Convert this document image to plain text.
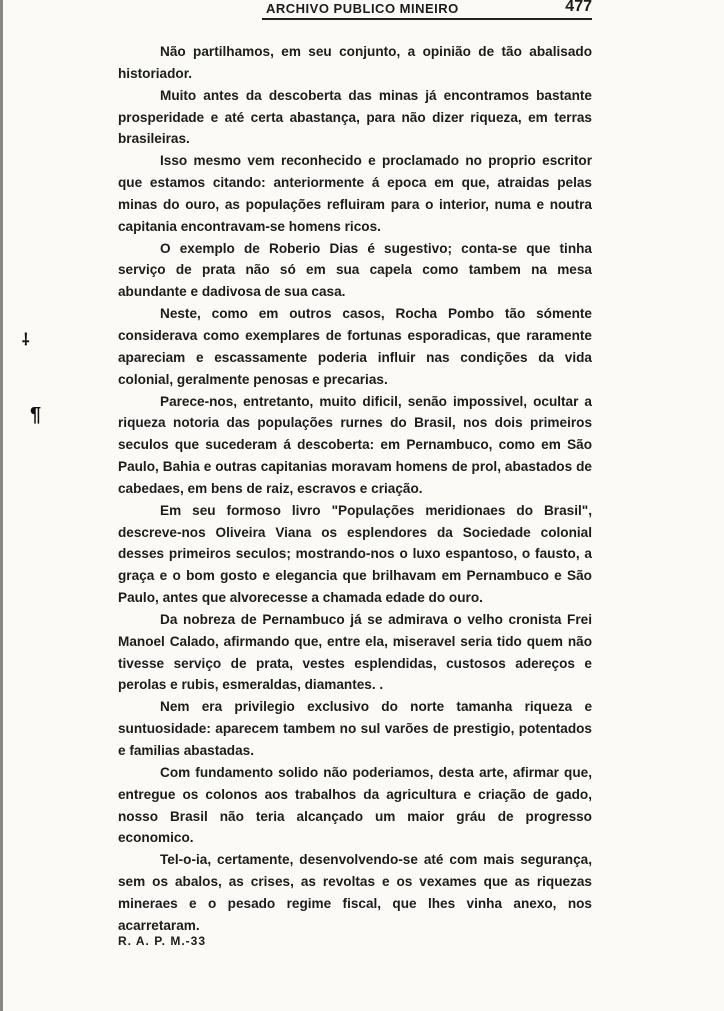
ARCHIVO PUBLICO MINEIRO	477

Não partilhamos, em seu conjunto, a opinião de tão abalisado historiador.

Muito antes da descoberta das minas já encontramos bastante prosperidade e até certa abastança, para não dizer riqueza, em terras brasileiras.

Isso mesmo vem reconhecido e proclamado no proprio escritor que estamos citando: anteriormente á epoca em que, atraidas pelas minas do ouro, as populações refluiram para o interior, numa e noutra capitania encontravam-se homens ricos.

O exemplo de Roberio Dias é sugestivo; conta-se que tinha serviço de prata não só em sua capela como tambem na mesa abundante e dadivosa de sua casa.

Neste, como em outros casos, Rocha Pombo tão sómente considerava como exemplares de fortunas esporadicas, que raramente apareciam e escassamente poderia influir nas condições da vida colonial, geralmente penosas e precarias.

Parece-nos, entretanto, muito dificil, senão impossivel, ocultar a riqueza notoria das populações rurnes do Brasil, nos dois primeiros seculos que sucederam á descoberta: em Pernambuco, como em São Paulo, Bahia e outras capitanias moravam homens de prol, abastados de cabedaes, em bens de raiz, escravos e criação.

Em seu formoso livro "Populações meridionaes do Brasil", descreve-nos Oliveira Viana os esplendores da Sociedade colonial desses primeiros seculos; mostrando-nos o luxo espantoso, o fausto, a graça e o bom gosto e elegancia que brilhavam em Pernambuco e São Paulo, antes que alvorecesse a chamada edade do ouro.

Da nobreza de Pernambuco já se admirava o velho cronista Frei Manoel Calado, afirmando que, entre ela, miseravel seria tido quem não tivesse serviço de prata, vestes esplendidas, custosos adereços e perolas e rubis, esmeraldas, diamantes. .

Nem era privilegio exclusivo do norte tamanha riqueza e suntuosidade: aparecem tambem no sul varões de prestigio, potentados e familias abastadas.

Com fundamento solido não poderiamos, desta arte, afirmar que, entregue os colonos aos trabalhos da agricultura e criação de gado, nosso Brasil não teria alcançado um maior gráu de progresso economico.

Tel-o-ia, certamente, desenvolvendo-se até com mais segurança, sem os abalos, as crises, as revoltas e os vexames que as riquezas mineraes e o pesado regime fiscal, que lhes vinha anexo, nos acarretaram.

R. A. P. M.-33
⸸
¶
